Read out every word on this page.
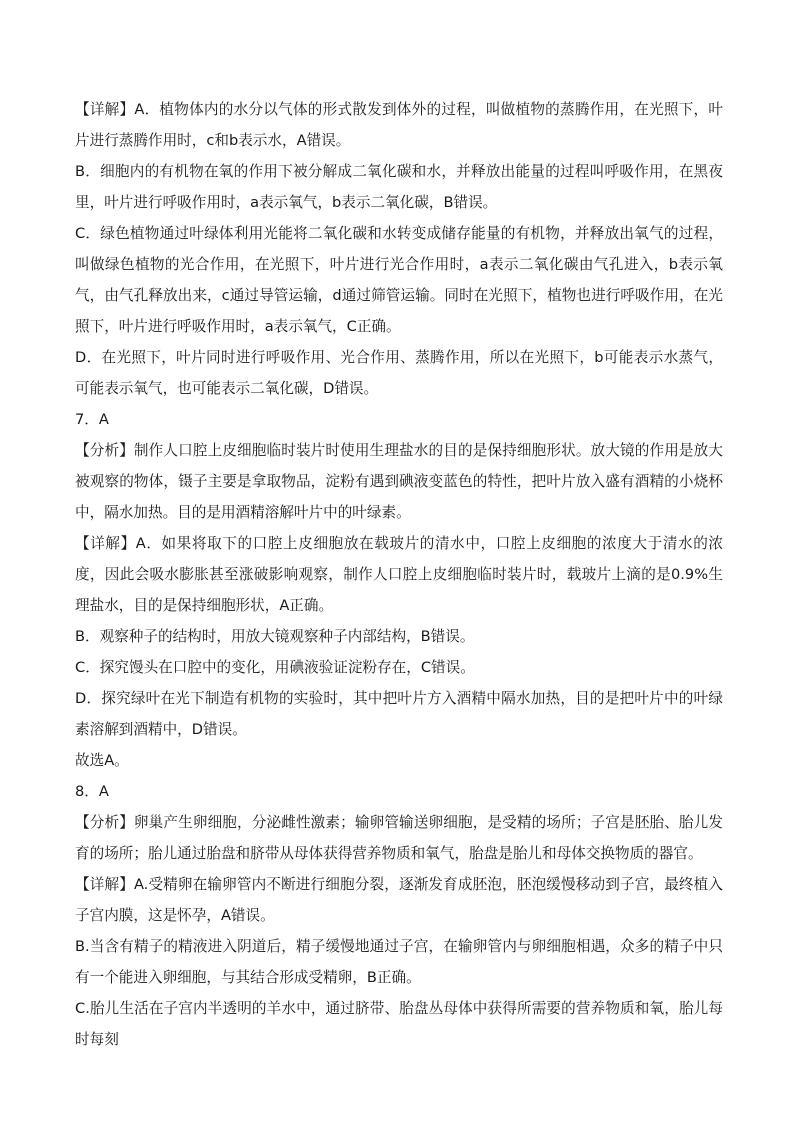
【详解】A．植物体内的水分以气体的形式散发到体外的过程，叫做植物的蒸腾作用，在光照下，叶片进行蒸腾作用时，c和b表示水，A错误。

B．细胞内的有机物在氧的作用下被分解成二氧化碳和水，并释放出能量的过程叫呼吸作用，在黑夜里，叶片进行呼吸作用时，a表示氧气，b表示二氧化碳，B错误。

C．绿色植物通过叶绿体利用光能将二氧化碳和水转变成储存能量的有机物，并释放出氧气的过程，叫做绿色植物的光合作用，在光照下，叶片进行光合作用时，a表示二氧化碳由气孔进入，b表示氧气，由气孔释放出来，c通过导管运输，d通过筛管运输。同时在光照下，植物也进行呼吸作用，在光照下，叶片进行呼吸作用时，a表示氧气，C正确。

D．在光照下，叶片同时进行呼吸作用、光合作用、蒸腾作用，所以在光照下，b可能表示水蒸气，可能表示氧气，也可能表示二氧化碳，D错误。

7．A

【分析】制作人口腔上皮细胞临时装片时使用生理盐水的目的是保持细胞形状。放大镜的作用是放大被观察的物体，镊子主要是拿取物品，淀粉有遇到碘液变蓝色的特性，把叶片放入盛有酒精的小烧杯中，隔水加热。目的是用酒精溶解叶片中的叶绿素。

【详解】A．如果将取下的口腔上皮细胞放在载玻片的清水中，口腔上皮细胞的浓度大于清水的浓度，因此会吸水膨胀甚至涨破影响观察，制作人口腔上皮细胞临时装片时，载玻片上滴的是0.9%生理盐水，目的是保持细胞形状，A正确。

B．观察种子的结构时，用放大镜观察种子内部结构，B错误。

C．探究馒头在口腔中的变化，用碘液验证淀粉存在，C错误。

D．探究绿叶在光下制造有机物的实验时，其中把叶片方入酒精中隔水加热，目的是把叶片中的叶绿素溶解到酒精中，D错误。

故选A。

8．A

【分析】卵巢产生卵细胞，分泌雌性激素；输卵管输送卵细胞，是受精的场所；子宫是胚胎、胎儿发育的场所；胎儿通过胎盘和脐带从母体获得营养物质和氧气，胎盘是胎儿和母体交换物质的器官。

【详解】A.受精卵在输卵管内不断进行细胞分裂，逐渐发育成胚泡，胚泡缓慢移动到子宫，最终植入子宫内膜，这是怀孕，A错误。

B.当含有精子的精液进入阴道后，精子缓慢地通过子宫，在输卵管内与卵细胞相遇，众多的精子中只有一个能进入卵细胞，与其结合形成受精卵，B正确。

C.胎儿生活在子宫内半透明的羊水中，通过脐带、胎盘丛母体中获得所需要的营养物质和氧，胎儿每时每刻
